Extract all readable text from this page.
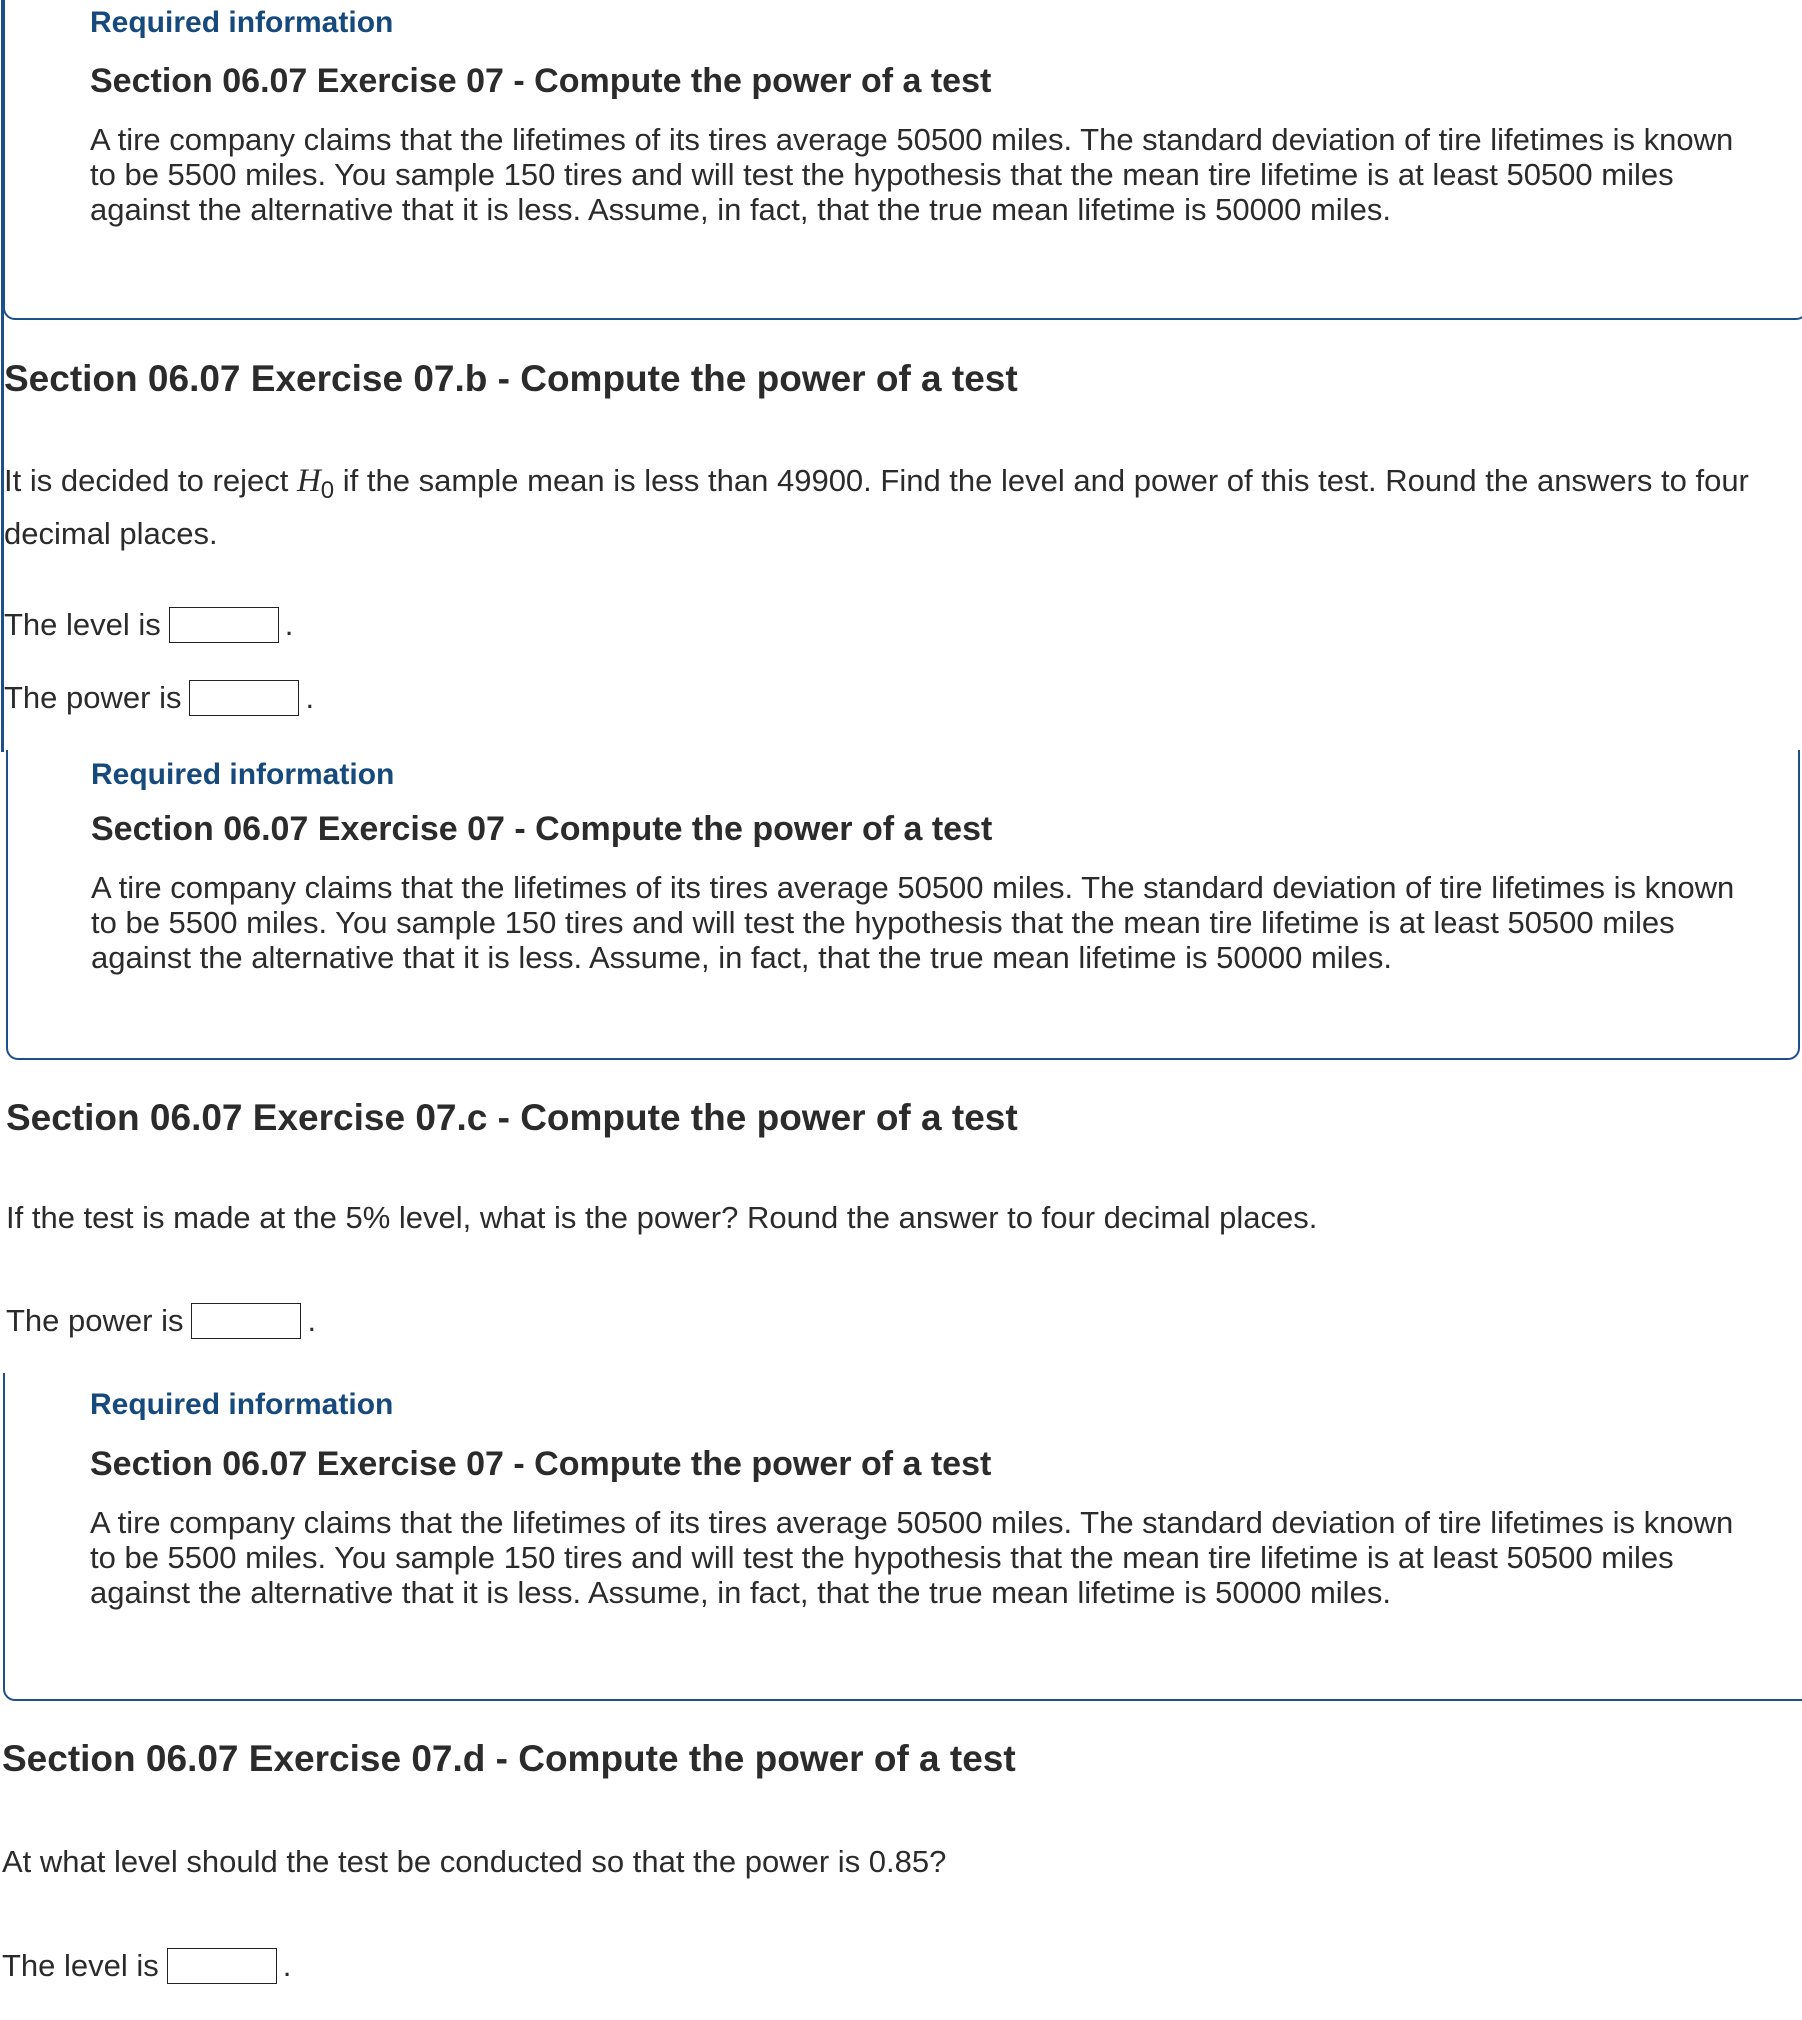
Required information
Section 06.07 Exercise 07 - Compute the power of a test
A tire company claims that the lifetimes of its tires average 50500 miles. The standard deviation of tire lifetimes is known to be 5500 miles. You sample 150 tires and will test the hypothesis that the mean tire lifetime is at least 50500 miles against the alternative that it is less. Assume, in fact, that the true mean lifetime is 50000 miles.
Section 06.07 Exercise 07.b - Compute the power of a test
It is decided to reject $H_0$ if the sample mean is less than 49900. Find the level and power of this test. Round the answers to four decimal places.
The level is	.
The power is	.
Required information
Section 06.07 Exercise 07 - Compute the power of a test
A tire company claims that the lifetimes of its tires average 50500 miles. The standard deviation of tire lifetimes is known to be 5500 miles. You sample 150 tires and will test the hypothesis that the mean tire lifetime is at least 50500 miles against the alternative that it is less. Assume, in fact, that the true mean lifetime is 50000 miles.
Section 06.07 Exercise 07.c - Compute the power of a test
If the test is made at the 5% level, what is the power? Round the answer to four decimal places.
The power is	.
Required information
Section 06.07 Exercise 07 - Compute the power of a test
A tire company claims that the lifetimes of its tires average 50500 miles. The standard deviation of tire lifetimes is known to be 5500 miles. You sample 150 tires and will test the hypothesis that the mean tire lifetime is at least 50500 miles against the alternative that it is less. Assume, in fact, that the true mean lifetime is 50000 miles.
Section 06.07 Exercise 07.d - Compute the power of a test
At what level should the test be conducted so that the power is 0.85?
The level is	.
